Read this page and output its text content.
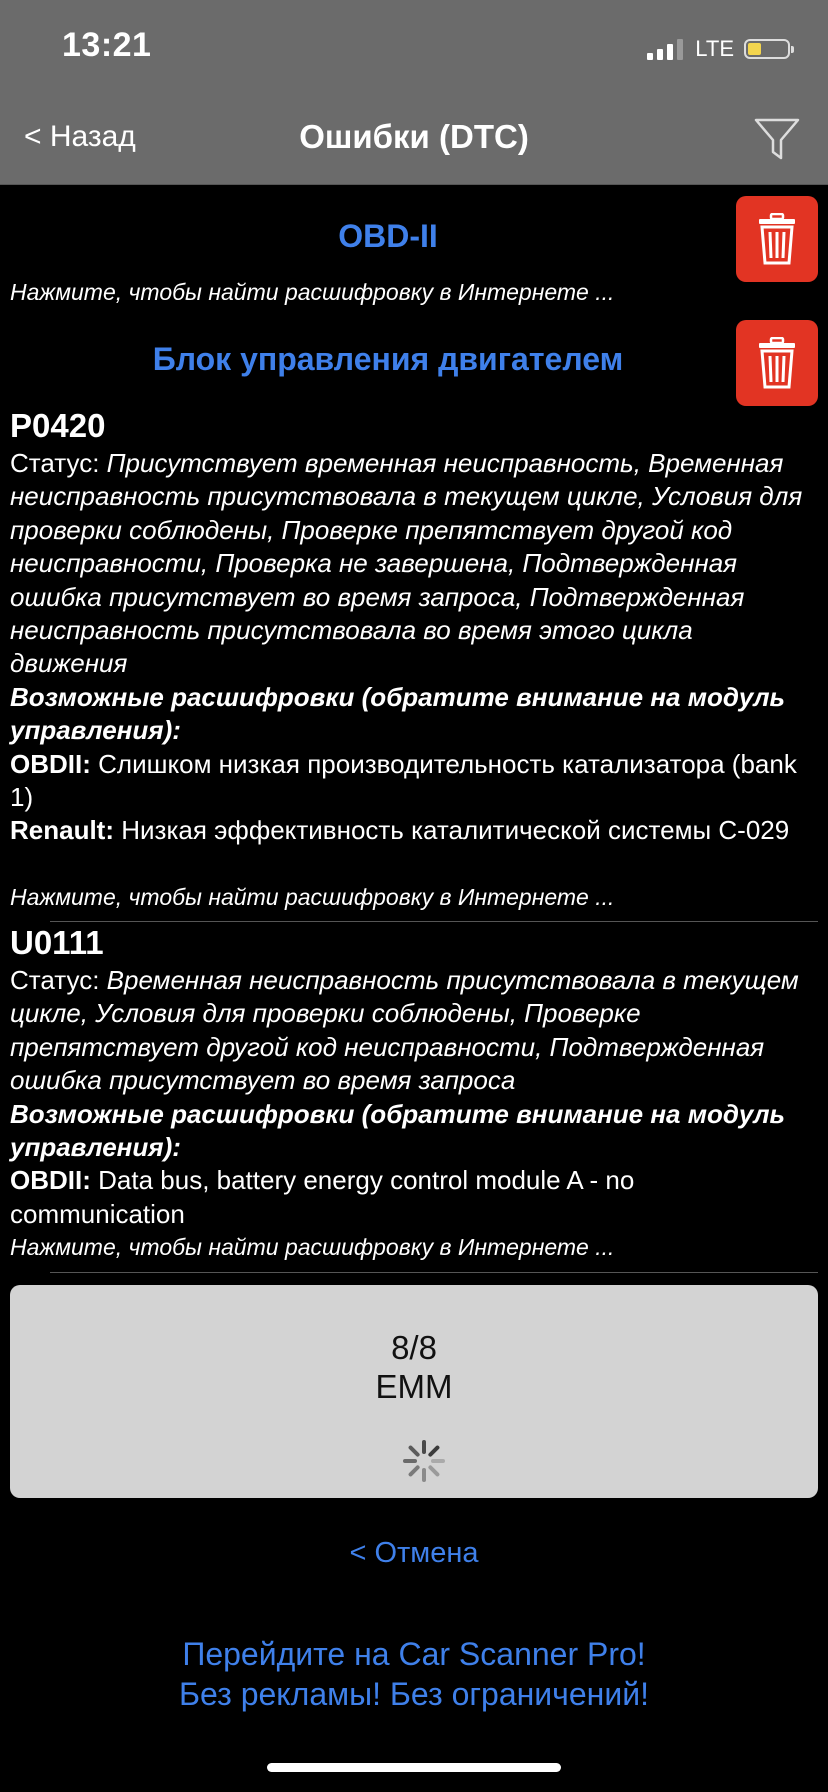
13:21	LTE
< Назад	Ошибки (DTC)
OBD-II
Нажмите, чтобы найти расшифровку в Интернете ...
Блок управления двигателем
P0420
Статус: Присутствует временная неисправность, Временная неисправность присутствовала в текущем цикле, Условия для проверки соблюдены, Проверке препятствует другой код неисправности, Проверка не завершена, Подтвержденная ошибка присутствует во время запроса, Подтвержденная неисправность присутствовала во время этого цикла движения
Возможные расшифровки (обратите внимание на модуль управления):
OBDII: Слишком низкая производительность катализатора (bank 1)
Renault: Низкая эффективность каталитической системы C-029
Нажмите, чтобы найти расшифровку в Интернете ...
U0111
Статус: Временная неисправность присутствовала в текущем цикле, Условия для проверки соблюдены, Проверке препятствует другой код неисправности, Подтвержденная ошибка присутствует во время запроса
Возможные расшифровки (обратите внимание на модуль управления):
OBDII: Data bus, battery energy control module A - no communication
Нажмите, чтобы найти расшифровку в Интернете ...
8/8
EMM
< Отмена
Перейдите на Car Scanner Pro!
Без рекламы! Без ограничений!
